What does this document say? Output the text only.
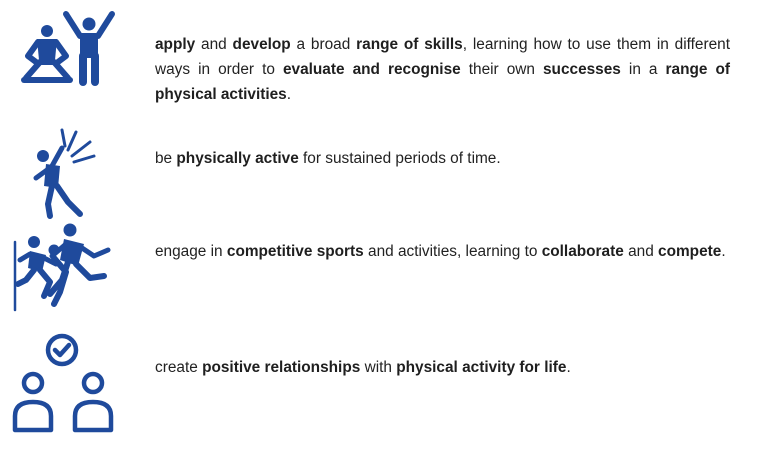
apply and develop a broad range of skills, learning how to use them in different ways in order to evaluate and recognise their own successes in a range of physical activities.
be physically active for sustained periods of time.
engage in competitive sports and activities, learning to collaborate and compete.
create positive relationships with physical activity for life.
